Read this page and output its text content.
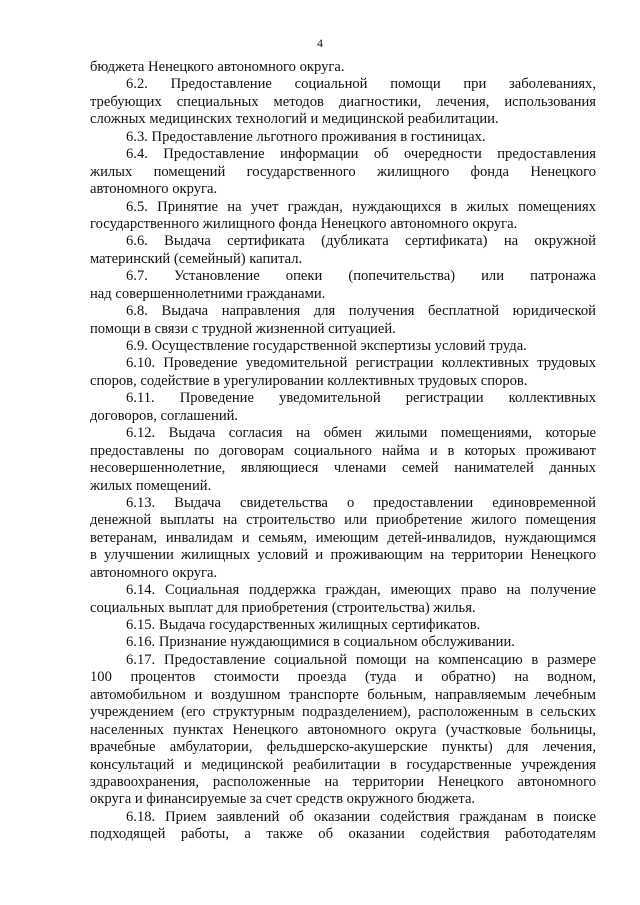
4
бюджета Ненецкого автономного округа.
6.2. Предоставление социальной помощи при заболеваниях,
требующих специальных методов диагностики, лечения, использования
сложных медицинских технологий и медицинской реабилитации.
6.3. Предоставление льготного проживания в гостиницах.
6.4. Предоставление информации об очередности предоставления
жилых помещений государственного жилищного фонда Ненецкого
автономного округа.
6.5. Принятие на учет граждан, нуждающихся в жилых помещениях
государственного жилищного фонда Ненецкого автономного округа.
6.6. Выдача сертификата (дубликата сертификата) на окружной
материнский (семейный) капитал.
6.7. Установление опеки (попечительства) или патронажа
над совершеннолетними гражданами.
6.8. Выдача направления для получения бесплатной юридической
помощи в связи с трудной жизненной ситуацией.
6.9. Осуществление государственной экспертизы условий труда.
6.10. Проведение уведомительной регистрации коллективных трудовых
споров, содействие в урегулировании коллективных трудовых споров.
6.11. Проведение уведомительной регистрации коллективных
договоров, соглашений.
6.12. Выдача согласия на обмен жилыми помещениями, которые
предоставлены по договорам социального найма и в которых проживают
несовершеннолетние, являющиеся членами семей нанимателей данных
жилых помещений.
6.13. Выдача свидетельства о предоставлении единовременной
денежной выплаты на строительство или приобретение жилого помещения
ветеранам, инвалидам и семьям, имеющим детей-инвалидов, нуждающимся
в улучшении жилищных условий и проживающим на территории Ненецкого
автономного округа.
6.14. Социальная поддержка граждан, имеющих право на получение
социальных выплат для приобретения (строительства) жилья.
6.15. Выдача государственных жилищных сертификатов.
6.16. Признание нуждающимися в социальном обслуживании.
6.17. Предоставление социальной помощи на компенсацию в размере
100 процентов стоимости проезда (туда и обратно) на водном,
автомобильном и воздушном транспорте больным, направляемым лечебным
учреждением (его структурным подразделением), расположенным в сельских
населенных пунктах Ненецкого автономного округа (участковые больницы,
врачебные амбулатории, фельдшерско-акушерские пункты) для лечения,
консультаций и медицинской реабилитации в государственные учреждения
здравоохранения, расположенные на территории Ненецкого автономного
округа и финансируемые за счет средств окружного бюджета.
6.18. Прием заявлений об оказании содействия гражданам в поиске
подходящей работы, а также об оказании содействия работодателям
